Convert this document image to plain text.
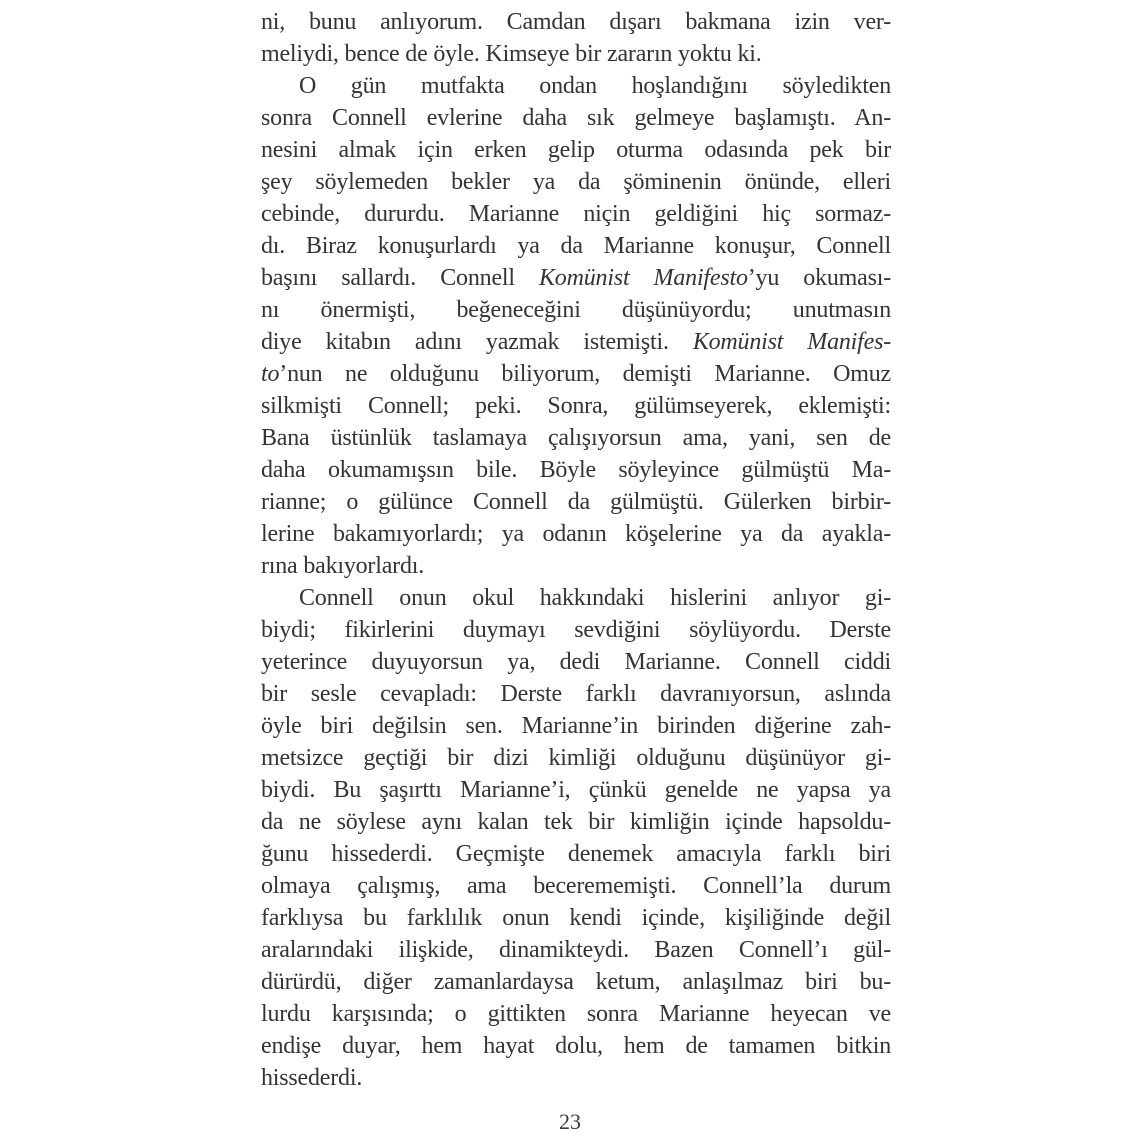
ni, bunu anlıyorum. Camdan dışarı bakmana izin ver-
meliydi, bence de öyle. Kimseye bir zararın yoktu ki.
O gün mutfakta ondan hoşlandığını söyledikten
sonra Connell evlerine daha sık gelmeye başlamıştı. An-
nesini almak için erken gelip oturma odasında pek bir
şey söylemeden bekler ya da şöminenin önünde, elleri
cebinde, dururdu. Marianne niçin geldiğini hiç sormaz-
dı. Biraz konuşurlardı ya da Marianne konuşur, Connell
başını sallardı. Connell Komünist Manifesto’yu okuması-
nı önermişti, beğeneceğini düşünüyordu; unutmasın
diye kitabın adını yazmak istemişti. Komünist Manifes-
to’nun ne olduğunu biliyorum, demişti Marianne. Omuz
silkmişti Connell; peki. Sonra, gülümseyerek, eklemişti:
Bana üstünlük taslamaya çalışıyorsun ama, yani, sen de
daha okumamışsın bile. Böyle söyleyince gülmüştü Ma-
rianne; o gülünce Connell da gülmüştü. Gülerken birbir-
lerine bakamıyorlardı; ya odanın köşelerine ya da ayakla-
rına bakıyorlardı.
Connell onun okul hakkındaki hislerini anlıyor gi-
biydi; fikirlerini duymayı sevdiğini söylüyordu. Derste
yeterince duyuyorsun ya, dedi Marianne. Connell ciddi
bir sesle cevapladı: Derste farklı davranıyorsun, aslında
öyle biri değilsin sen. Marianne’in birinden diğerine zah-
metsizce geçtiği bir dizi kimliği olduğunu düşünüyor gi-
biydi. Bu şaşırttı Marianne’i, çünkü genelde ne yapsa ya
da ne söylese aynı kalan tek bir kimliğin içinde hapsoldu-
ğunu hissederdi. Geçmişte denemek amacıyla farklı biri
olmaya çalışmış, ama becerememişti. Connell’la durum
farklıysa bu farklılık onun kendi içinde, kişiliğinde değil
aralarındaki ilişkide, dinamikteydi. Bazen Connell’ı gül-
dürürdü, diğer zamanlardaysa ketum, anlaşılmaz biri bu-
lurdu karşısında; o gittikten sonra Marianne heyecan ve
endişe duyar, hem hayat dolu, hem de tamamen bitkin
hissederdi.
23
